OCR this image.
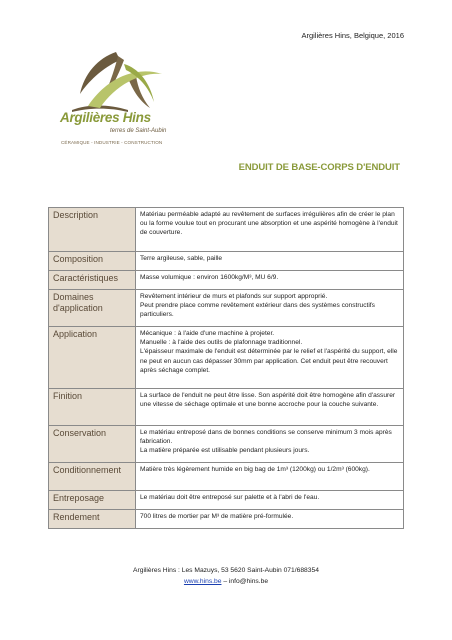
Argilières Hins, Belgique, 2016
Argilières Hins
terres de Saint-Aubin
CÉRAMIQUE - INDUSTRIE - CONSTRUCTION
ENDUIT DE BASE-CORPS D'ENDUIT
Description	Matériau perméable adapté au revêtement de surfaces irrégulières afin de créer le plan ou la forme voulue tout en procurant une absorption et une aspérité homogène à l'enduit de couverture.

Composition	Terre argileuse, sable, paille

Caractéristiques	Masse volumique : environ 1600kg/M³, MU 6/9.

Domaines d'application	Revêtement intérieur de murs et plafonds sur support approprié.
Peut prendre place comme revêtement extérieur dans des systèmes constructifs particuliers.

Application	Mécanique : à l'aide d'une machine à projeter.
Manuelle : à l'aide des outils de plafonnage traditionnel.
L'épaisseur maximale de l'enduit est déterminée par le relief et l'aspérité du support, elle ne peut en aucun cas dépasser 30mm par application. Cet enduit peut être recouvert après séchage complet.

Finition	La surface de l'enduit ne peut être lisse. Son aspérité doit être homogène afin d'assurer une vitesse de séchage optimale et une bonne accroche pour la couche suivante.

Conservation	Le matériau entreposé dans de bonnes conditions se conserve minimum 3 mois après fabrication.
La matière préparée est utilisable pendant plusieurs jours.

Conditionnement	Matière très légèrement humide en big bag de 1m³ (1200kg) ou 1/2m³ (600kg).

Entreposage	Le matériau doit être entreposé sur palette et à l'abri de l'eau.

Rendement	700 litres de mortier par M³ de matière pré-formulée.
Argilières Hins : Les Mazuys, 53 5620 Saint-Aubin 071/688354
www.hins.be – info@hins.be
